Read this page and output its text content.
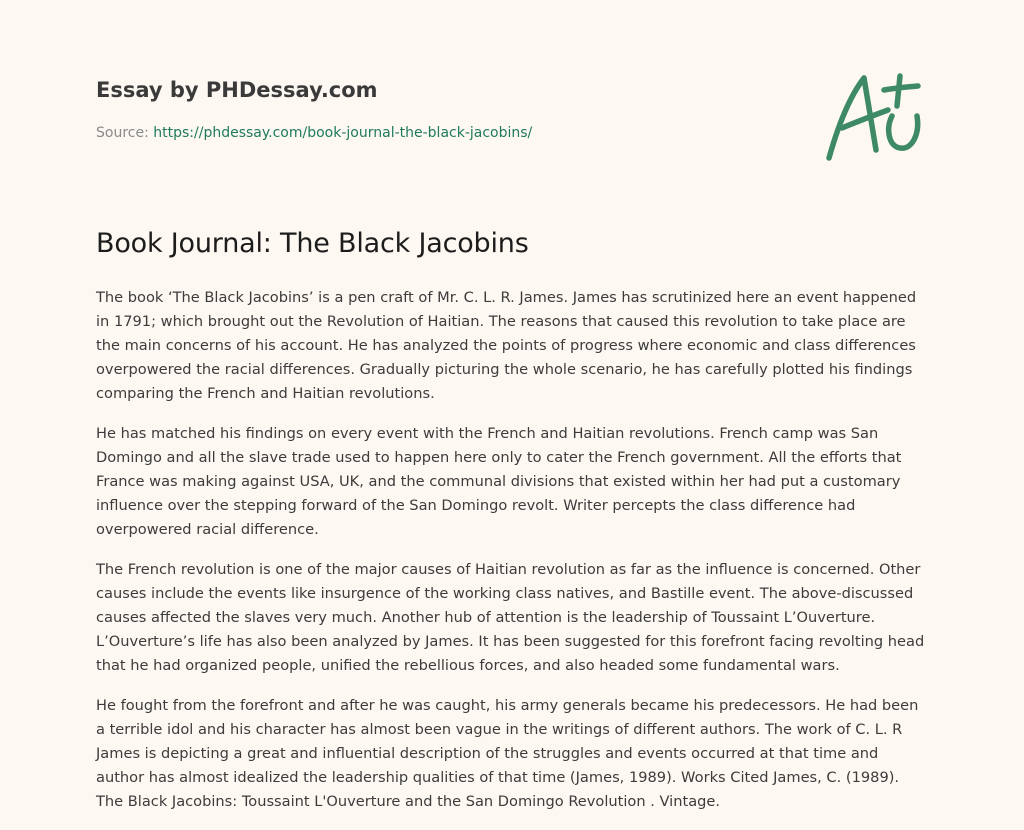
Essay by PHDessay.com
Source: https://phdessay.com/book-journal-the-black-jacobins/
Book Journal: The Black Jacobins

The book ‘The Black Jacobins’ is a pen craft of Mr. C. L. R. James. James has scrutinized here an event happened in 1791; which brought out the Revolution of Haitian. The reasons that caused this revolution to take place are the main concerns of his account. He has analyzed the points of progress where economic and class differences overpowered the racial differences. Gradually picturing the whole scenario, he has carefully plotted his findings comparing the French and Haitian revolutions.

He has matched his findings on every event with the French and Haitian revolutions. French camp was San Domingo and all the slave trade used to happen here only to cater the French government. All the efforts that France was making against USA, UK, and the communal divisions that existed within her had put a customary influence over the stepping forward of the San Domingo revolt. Writer percepts the class difference had overpowered racial difference.

The French revolution is one of the major causes of Haitian revolution as far as the influence is concerned. Other causes include the events like insurgence of the working class natives, and Bastille event. The above-discussed causes affected the slaves very much. Another hub of attention is the leadership of Toussaint L’Ouverture. L’Ouverture’s life has also been analyzed by James. It has been suggested for this forefront facing revolting head that he had organized people, unified the rebellious forces, and also headed some fundamental wars.

He fought from the forefront and after he was caught, his army generals became his predecessors. He had been a terrible idol and his character has almost been vague in the writings of different authors. The work of C. L. R James is depicting a great and influential description of the struggles and events occurred at that time and author has almost idealized the leadership qualities of that time (James, 1989). Works Cited James, C. (1989). The Black Jacobins: Toussaint L'Ouverture and the San Domingo Revolution . Vintage.
